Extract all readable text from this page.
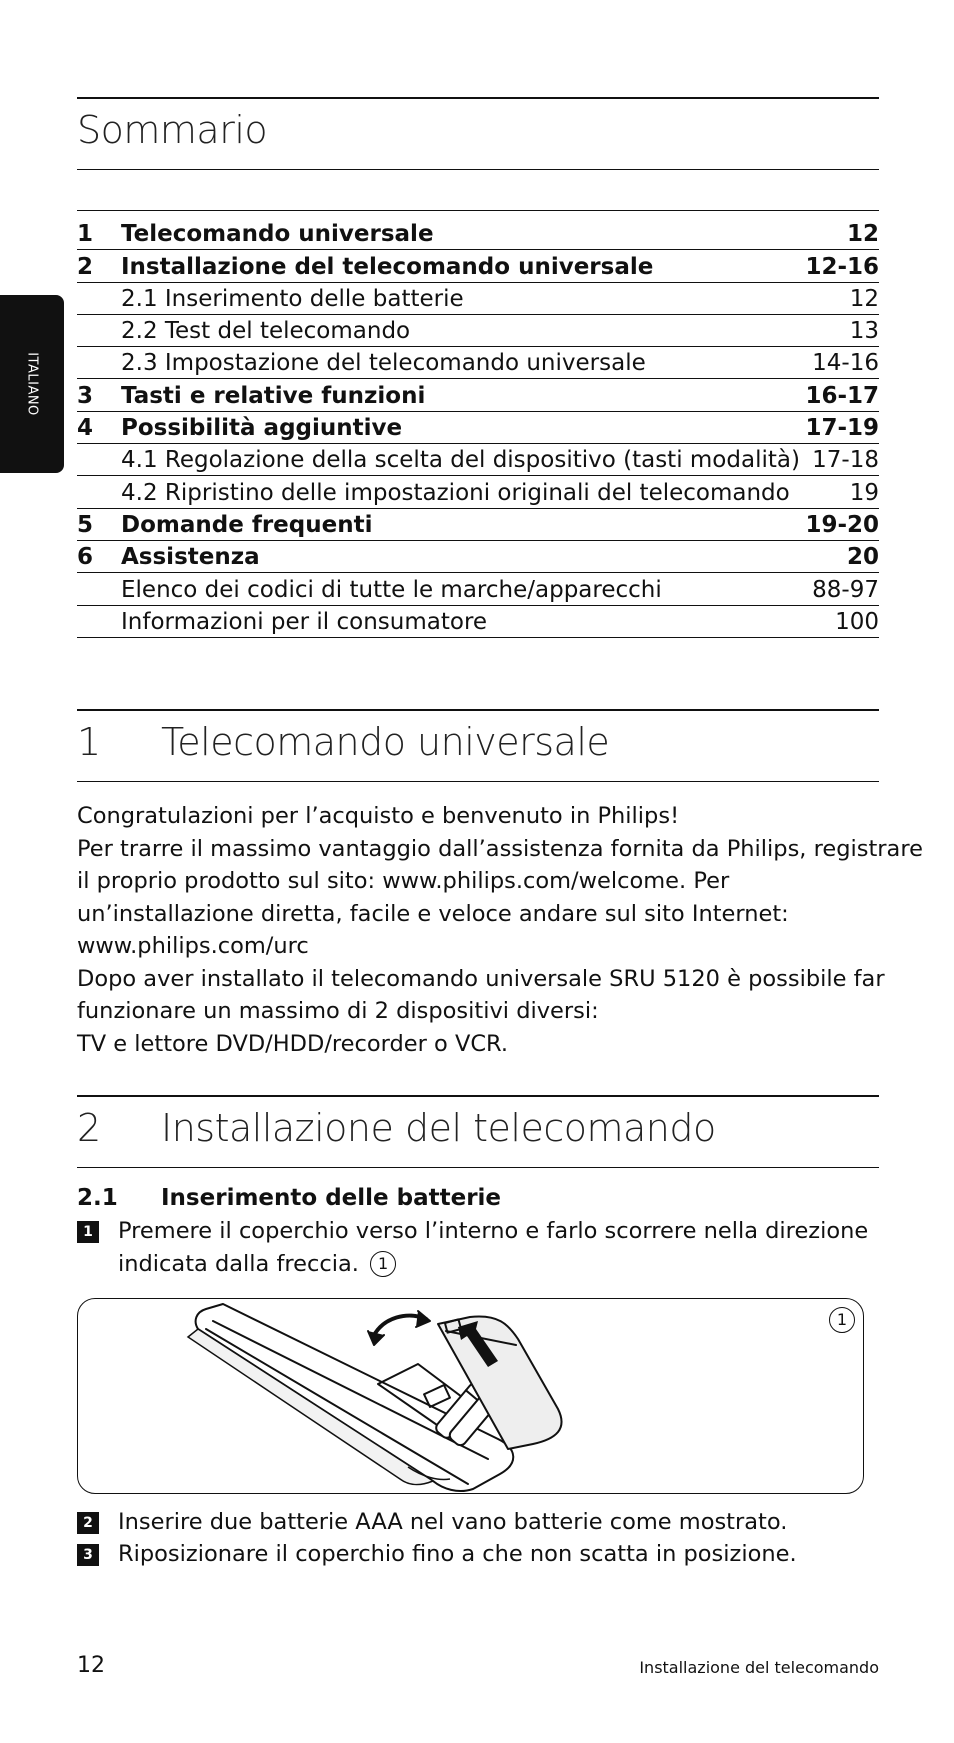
ITALIANO
Sommario
1	Telecomando universale	12
2	Installazione del telecomando universale	12-16
2.1 Inserimento delle batterie	12
2.2 Test del telecomando	13
2.3 Impostazione del telecomando universale	14-16
3	Tasti e relative funzioni	16-17
4	Possibilità aggiuntive	17-19
4.1 Regolazione della scelta del dispositivo (tasti modalità) 17-18
4.2 Ripristino delle impostazioni originali del telecomando	19
5	Domande frequenti	19-20
6	Assistenza	20
Elenco dei codici di tutte le marche/apparecchi	88-97
Informazioni per il consumatore	100
1 Telecomando universale
Congratulazioni per l’acquisto e benvenuto in Philips!
Per trarre il massimo vantaggio dall’assistenza fornita da Philips, registrare
il proprio prodotto sul sito: www.philips.com/welcome. Per
un’installazione diretta, facile e veloce andare sul sito Internet:
www.philips.com/urc
Dopo aver installato il telecomando universale SRU 5120 è possibile far
funzionare un massimo di 2 dispositivi diversi:
TV e lettore DVD/HDD/recorder o VCR.
2 Installazione del telecomando
2.1 Inserimento delle batterie
1 Premere il coperchio verso l’interno e farlo scorrere nella direzione
indicata dalla freccia. 1
1
2 Inserire due batterie AAA nel vano batterie come mostrato.
3 Riposizionare il coperchio fino a che non scatta in posizione.
12	Installazione del telecomando
